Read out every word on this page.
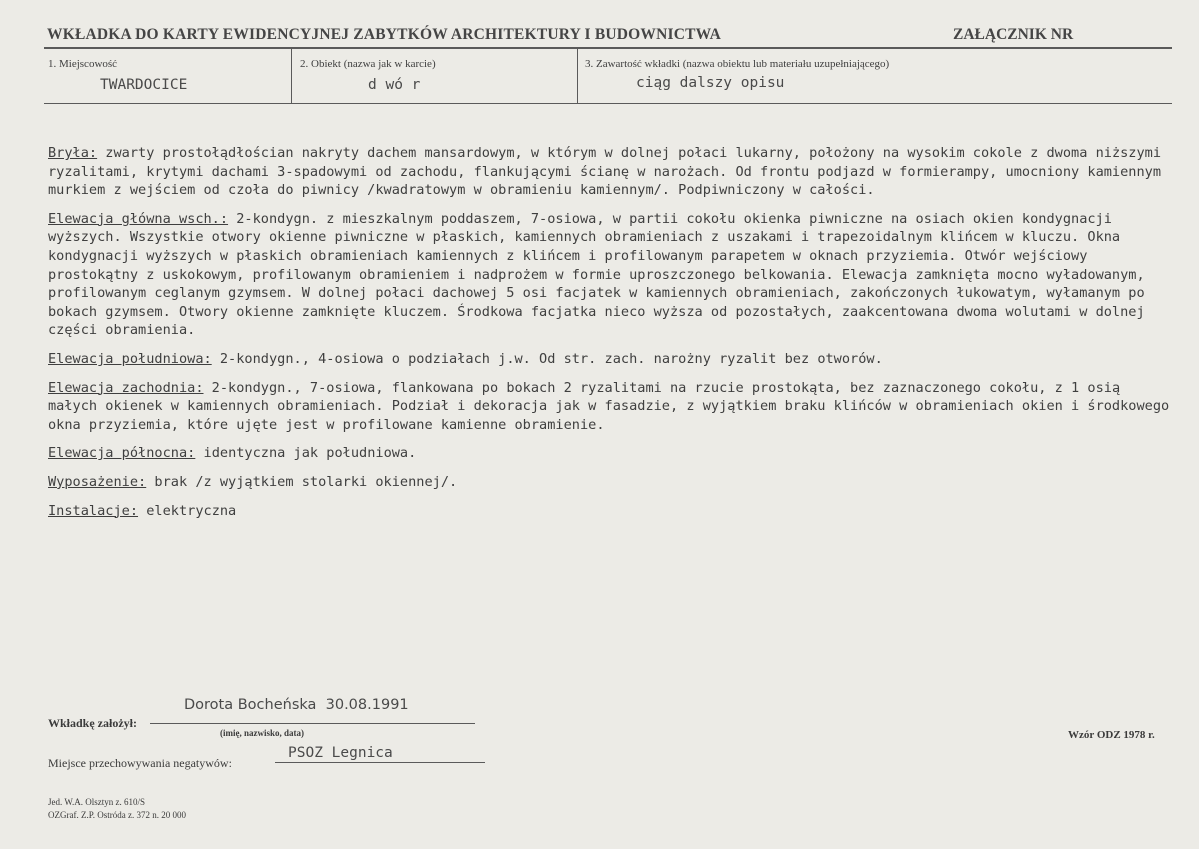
WKŁADKA DO KARTY EWIDENCYJNEJ ZABYTKÓW ARCHITEKTURY I BUDOWNICTWA	ZAŁĄCZNIK NR
1. Miejscowość
TWARDOCICE
2. Obiekt (nazwa jak w karcie)
d wó r
3. Zawartość wkładki (nazwa obiektu lub materiału uzupełniającego)
ciąg dalszy opisu

Bryła: zwarty prostołądłościan nakryty dachem mansardowym, w którym w dolnej połaci lukarny, położony na wysokim cokole z dwoma niższymi ryzalitami, krytymi dachami 3-spadowymi od zachodu, flankującymi ścianę w narożach. Od frontu podjazd w formierampy, umocniony kamiennym murkiem z wejściem od czoła do piwnicy /kwadratowym w obramieniu kamiennym/. Podpiwniczony w całości.

Elewacja główna wsch.: 2-kondygn. z mieszkalnym poddaszem, 7-osiowa, w partii cokołu okienka piwniczne na osiach okien kondygnacji wyższych. Wszystkie otwory okienne piwniczne w płaskich, kamiennych obramieniach z uszakami i trapezoidalnym klińcem w kluczu. Okna kondygnacji wyższych w płaskich obramieniach kamiennych z klińcem i profilowanym parapetem w oknach przyziemia. Otwór wejściowy prostokątny z uskokowym, profilowanym obramieniem i nadprożem w formie uproszczonego belkowania. Elewacja zamknięta mocno wyładowanym, profilowanym ceglanym gzymsem. W dolnej połaci dachowej 5 osi facjatek w kamiennych obramieniach, zakończonych łukowatym, wyłamanym po bokach gzymsem. Otwory okienne zamknięte kluczem. Środkowa facjatka nieco wyższa od pozostałych, zaakcentowana dwoma wolutami w dolnej części obramienia.

Elewacja południowa: 2-kondygn., 4-osiowa o podziałach j.w. Od str. zach. narożny ryzalit bez otworów.

Elewacja zachodnia: 2-kondygn., 7-osiowa, flankowana po bokach 2 ryzalitami na rzucie prostokąta, bez zaznaczonego cokołu, z 1 osią małych okienek w kamiennych obramieniach. Podział i dekoracja jak w fasadzie, z wyjątkiem braku klińców w obramieniach okien i środkowego okna przyziemia, które ujęte jest w profilowane kamienne obramienie.

Elewacja północna: identyczna jak południowa.

Wyposażenie: brak /z wyjątkiem stolarki okiennej/.

Instalacje: elektryczna

Dorota Bocheńska  30.08.1991
Wkładkę założył:
(imię, nazwisko, data)
PSOZ Legnica
Miejsce przechowywania negatywów:
Wzór ODZ 1978 r.
Jed. W.A. Olsztyn z. 610/S
OZGraf. Z.P. Ostróda z. 372 n. 20 000
